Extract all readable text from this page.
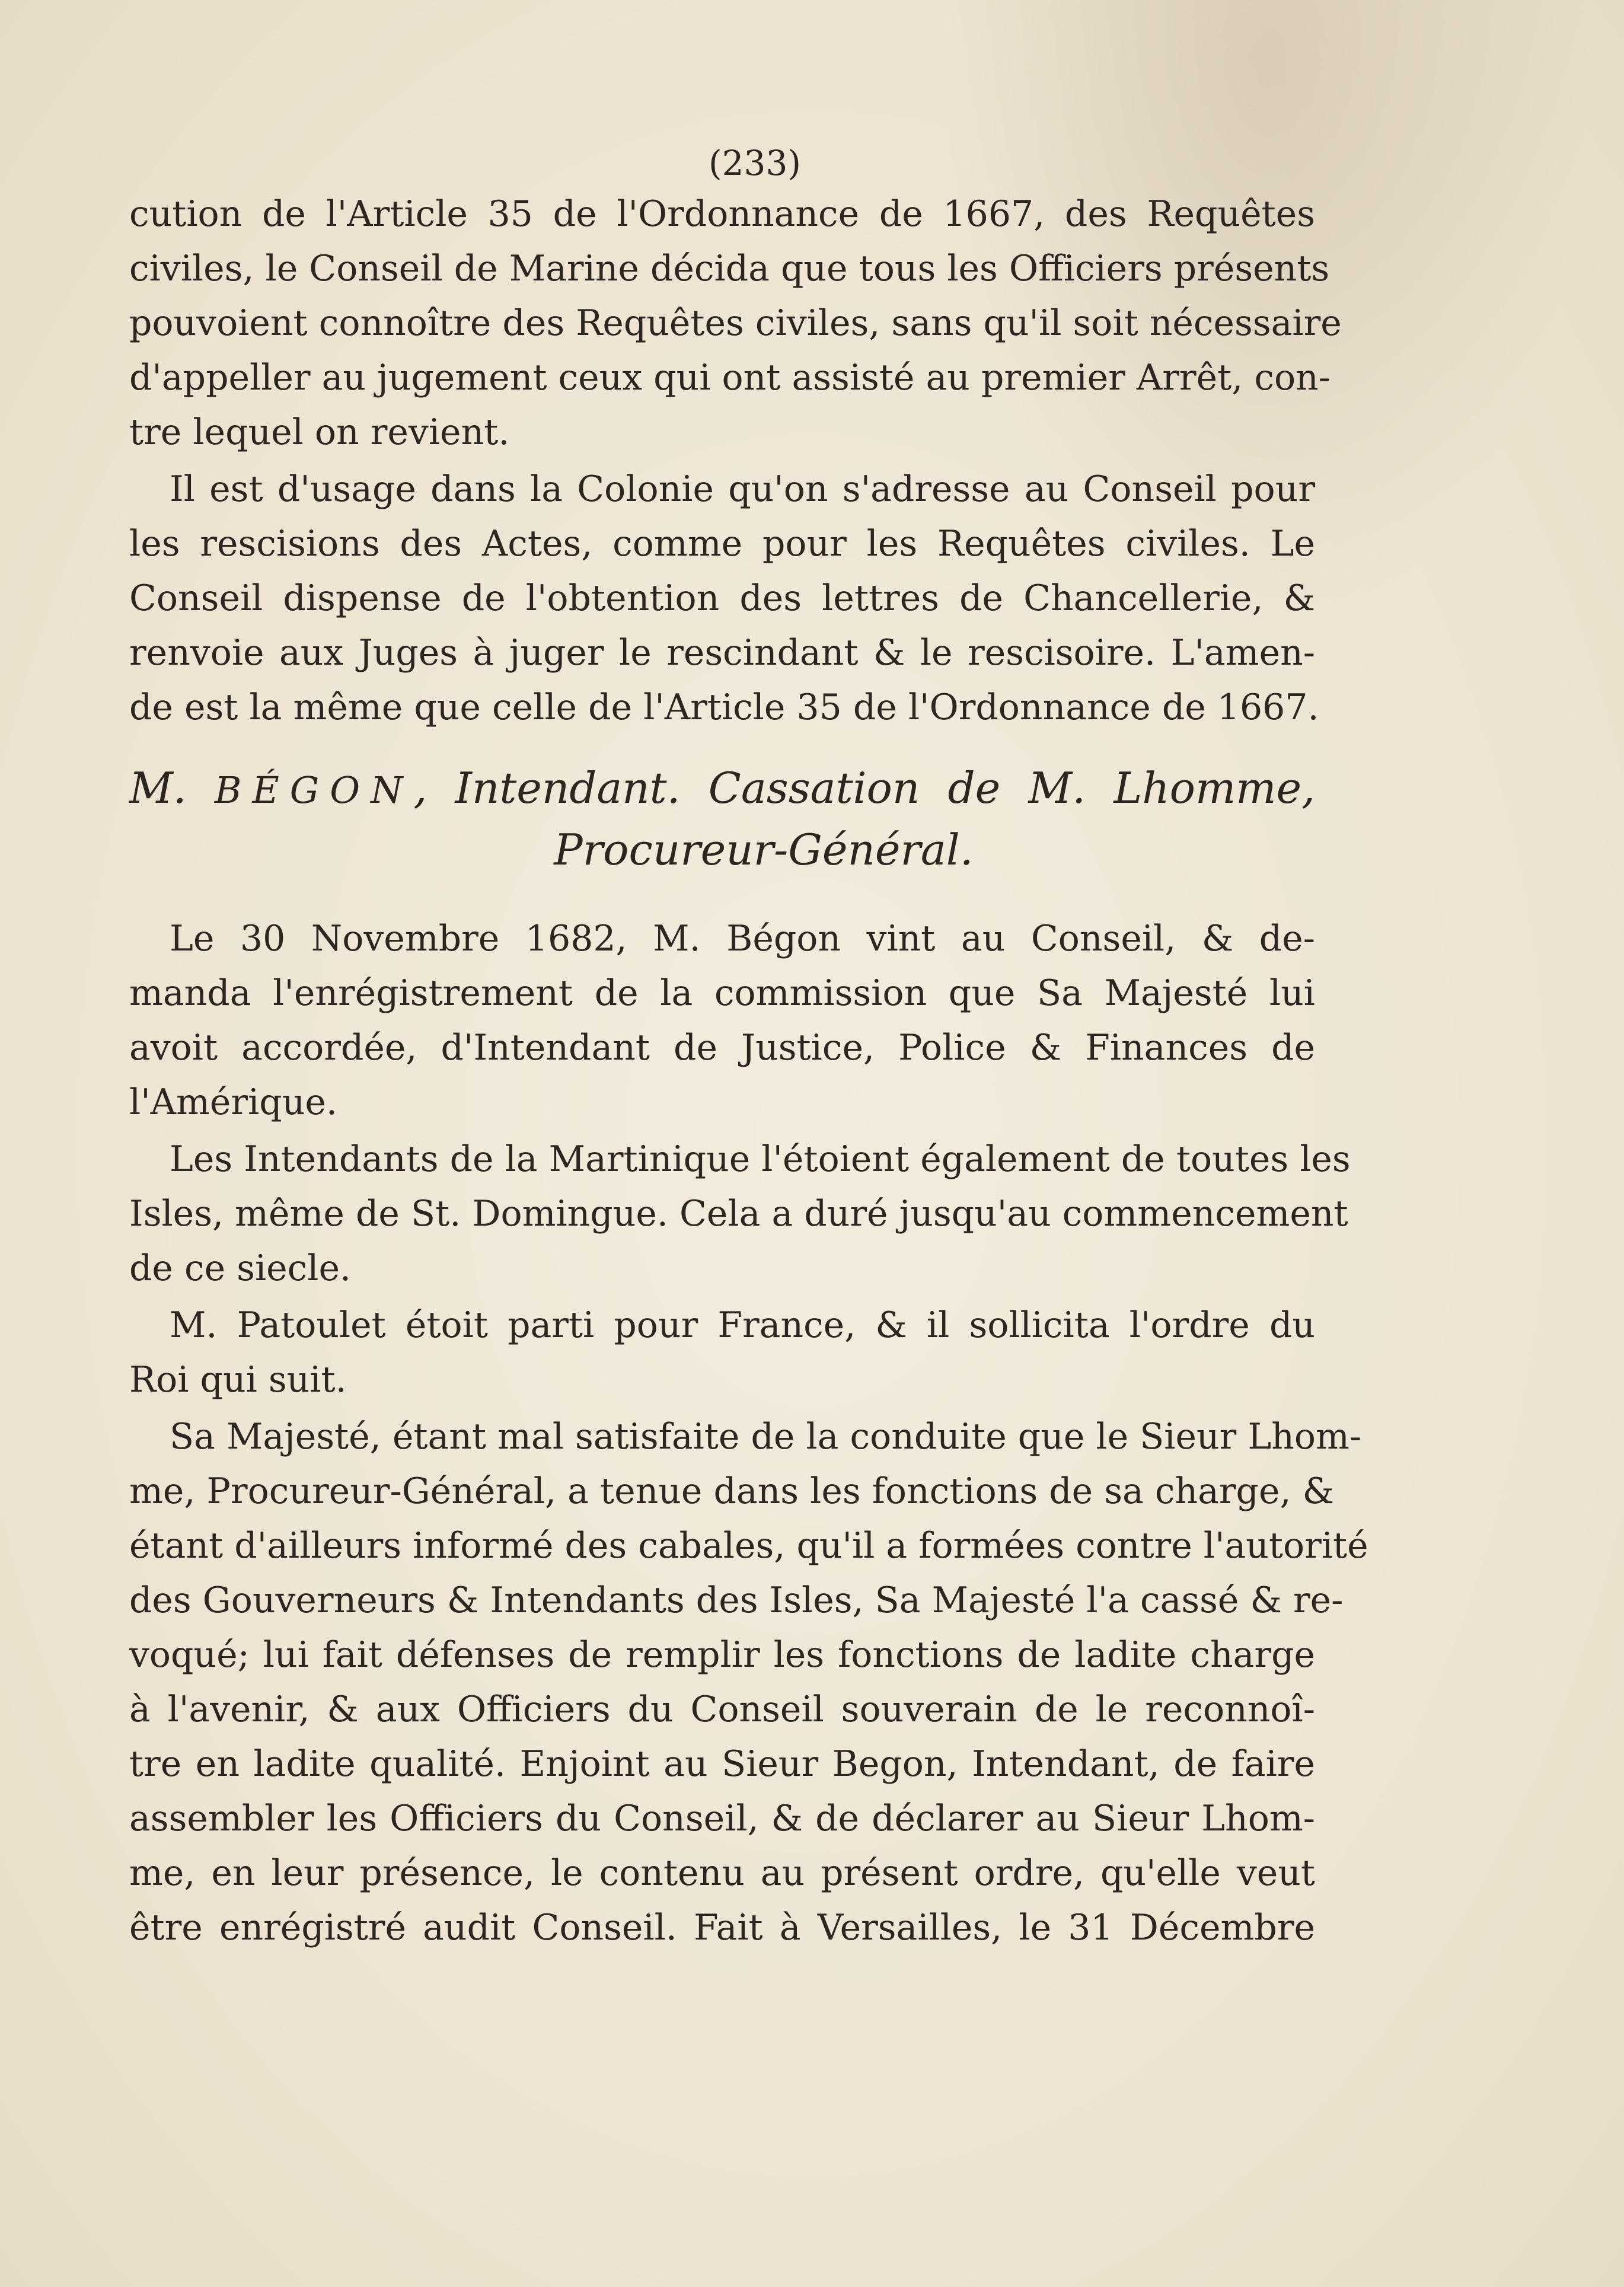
(233)

cution de l'Article 35 de l'Ordonnance de 1667, des Requêtes
civiles, le Conseil de Marine décida que tous les Officiers présents
pouvoient connoître des Requêtes civiles, sans qu'il soit nécessaire
d'appeller au jugement ceux qui ont assisté au premier Arrêt, con-
tre lequel on revient.

Il est d'usage dans la Colonie qu'on s'adresse au Conseil pour
les rescisions des Actes, comme pour les Requêtes civiles. Le
Conseil dispense de l'obtention des lettres de Chancellerie, &
renvoie aux Juges à juger le rescindant & le rescisoire. L'amen-
de est la même que celle de l'Article 35 de l'Ordonnance de 1667.

M. BÉGON, Intendant. Cassation de M. Lhomme,
Procureur-Général.

Le 30 Novembre 1682, M. Bégon vint au Conseil, & de-
manda l'enrégistrement de la commission que Sa Majesté lui
avoit accordée, d'Intendant de Justice, Police & Finances de
l'Amérique.

Les Intendants de la Martinique l'étoient également de toutes les
Isles, même de St. Domingue. Cela a duré jusqu'au commencement
de ce siecle.

M. Patoulet étoit parti pour France, & il sollicita l'ordre du
Roi qui suit.

Sa Majesté, étant mal satisfaite de la conduite que le Sieur Lhom-
me, Procureur-Général, a tenue dans les fonctions de sa charge, &
étant d'ailleurs informé des cabales, qu'il a formées contre l'autorité
des Gouverneurs & Intendants des Isles, Sa Majesté l'a cassé & re-
voqué; lui fait défenses de remplir les fonctions de ladite charge
à l'avenir, & aux Officiers du Conseil souverain de le reconnoî-
tre en ladite qualité. Enjoint au Sieur Begon, Intendant, de faire
assembler les Officiers du Conseil, & de déclarer au Sieur Lhom-
me, en leur présence, le contenu au présent ordre, qu'elle veut
être enrégistré audit Conseil. Fait à Versailles, le 31 Décembre
